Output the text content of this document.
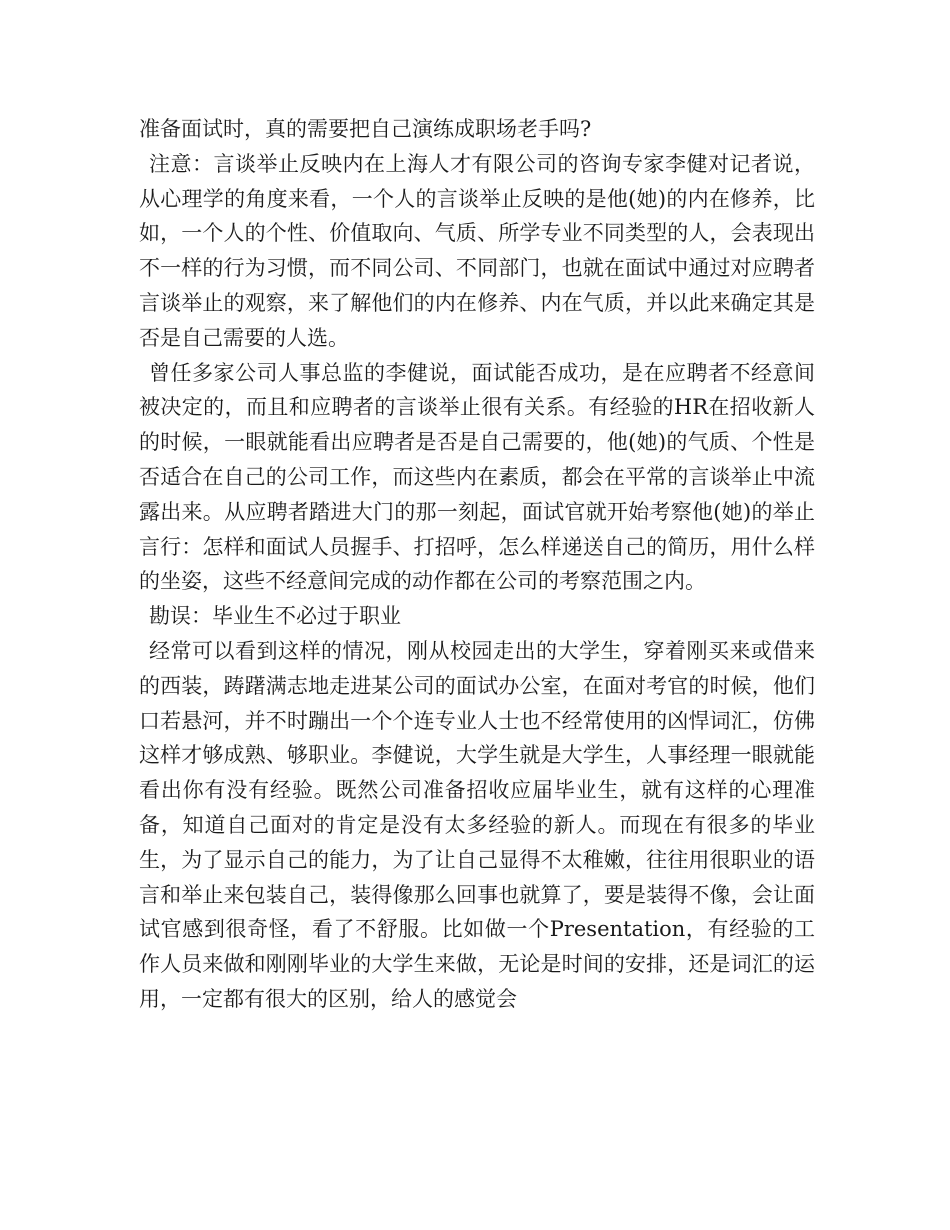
准备面试时，真的需要把自己演练成职场老手吗?

注意：言谈举止反映内在上海人才有限公司的咨询专家李健对记者说，从心理学的角度来看，一个人的言谈举止反映的是他(她)的内在修养，比如，一个人的个性、价值取向、气质、所学专业不同类型的人，会表现出不一样的行为习惯，而不同公司、不同部门，也就在面试中通过对应聘者言谈举止的观察，来了解他们的内在修养、内在气质，并以此来确定其是否是自己需要的人选。

曾任多家公司人事总监的李健说，面试能否成功，是在应聘者不经意间被决定的，而且和应聘者的言谈举止很有关系。有经验的HR在招收新人的时候，一眼就能看出应聘者是否是自己需要的，他(她)的气质、个性是否适合在自己的公司工作，而这些内在素质，都会在平常的言谈举止中流露出来。从应聘者踏进大门的那一刻起，面试官就开始考察他(她)的举止言行：怎样和面试人员握手、打招呼，怎么样递送自己的简历，用什么样的坐姿，这些不经意间完成的动作都在公司的考察范围之内。

勘误：毕业生不必过于职业

经常可以看到这样的情况，刚从校园走出的大学生，穿着刚买来或借来的西装，踌躇满志地走进某公司的面试办公室，在面对考官的时候，他们口若悬河，并不时蹦出一个个连专业人士也不经常使用的凶悍词汇，仿佛这样才够成熟、够职业。李健说，大学生就是大学生，人事经理一眼就能看出你有没有经验。既然公司准备招收应届毕业生，就有这样的心理准备，知道自己面对的肯定是没有太多经验的新人。而现在有很多的毕业生，为了显示自己的能力，为了让自己显得不太稚嫩，往往用很职业的语言和举止来包装自己，装得像那么回事也就算了，要是装得不像，会让面试官感到很奇怪，看了不舒服。比如做一个Presentation，有经验的工作人员来做和刚刚毕业的大学生来做，无论是时间的安排，还是词汇的运用，一定都有很大的区别，给人的感觉会
